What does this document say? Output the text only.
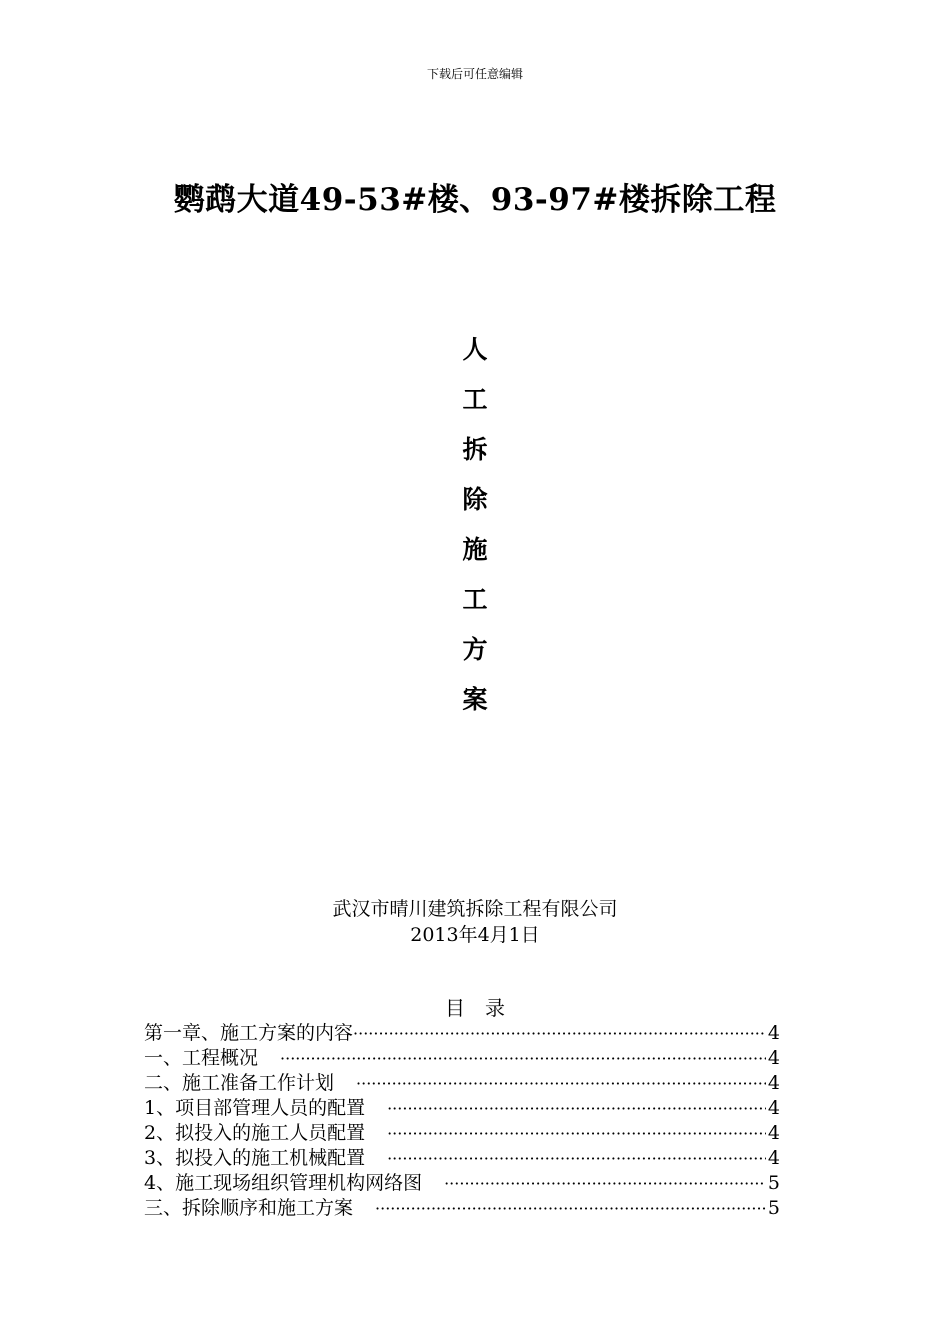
下载后可任意编辑
鹦鹉大道49-53#楼、93-97#楼拆除工程
人
工
拆
除
施
工
方
案
武汉市晴川建筑拆除工程有限公司
2013年4月1日
目录
第一章、施工方案的内容 ·····	4
一、工程概况 ·····	4
二、施工准备工作计划 ·····	4
1、项目部管理人员的配置 ·····	4
2、拟投入的施工人员配置 ·····	4
3、拟投入的施工机械配置 ·····	4
4、施工现场组织管理机构网络图 ·····	5
三、拆除顺序和施工方案 ·····	5
